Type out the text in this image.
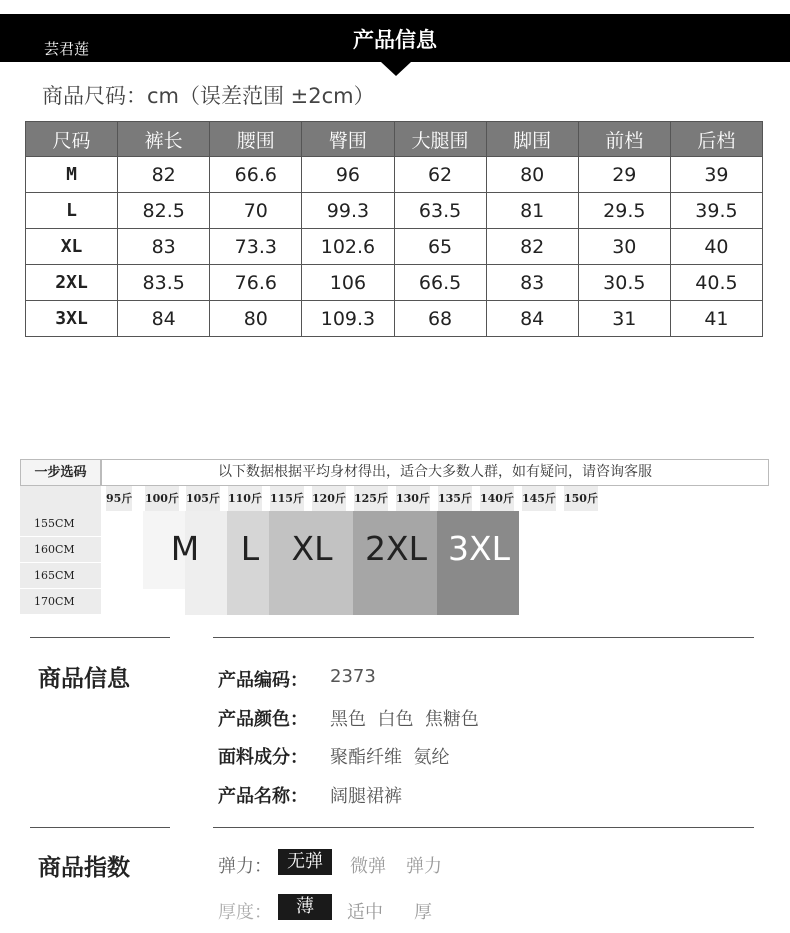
芸君莲	产品信息
商品尺码：cm（误差范围 ±2cm）
尺码	裤长	腰围	臀围	大腿围	脚围	前档	后档
M	82	66.6	96	62	80	29	39
L	82.5	70	99.3	63.5	81	29.5	39.5
XL	83	73.3	102.6	65	82	30	40
2XL	83.5	76.6	106	66.5	83	30.5	40.5
3XL	84	80	109.3	68	84	31	41
一步选码	以下数据根据平均身材得出，适合大多数人群，如有疑问，请咨询客服
95斤 100斤 105斤 110斤 115斤 120斤 125斤 130斤 135斤 140斤 145斤 150斤
155CM
160CM
165CM
170CM
M	L XL 2XL 3XL
商品信息	产品编码： 2373
产品颜色： 黑色  白色  焦糖色
面料成分： 聚酯纤维  氨纶
产品名称： 阔腿裙裤
商品指数	弹力： 无弹	微弹 弹力
厚度：	薄	适中 厚
